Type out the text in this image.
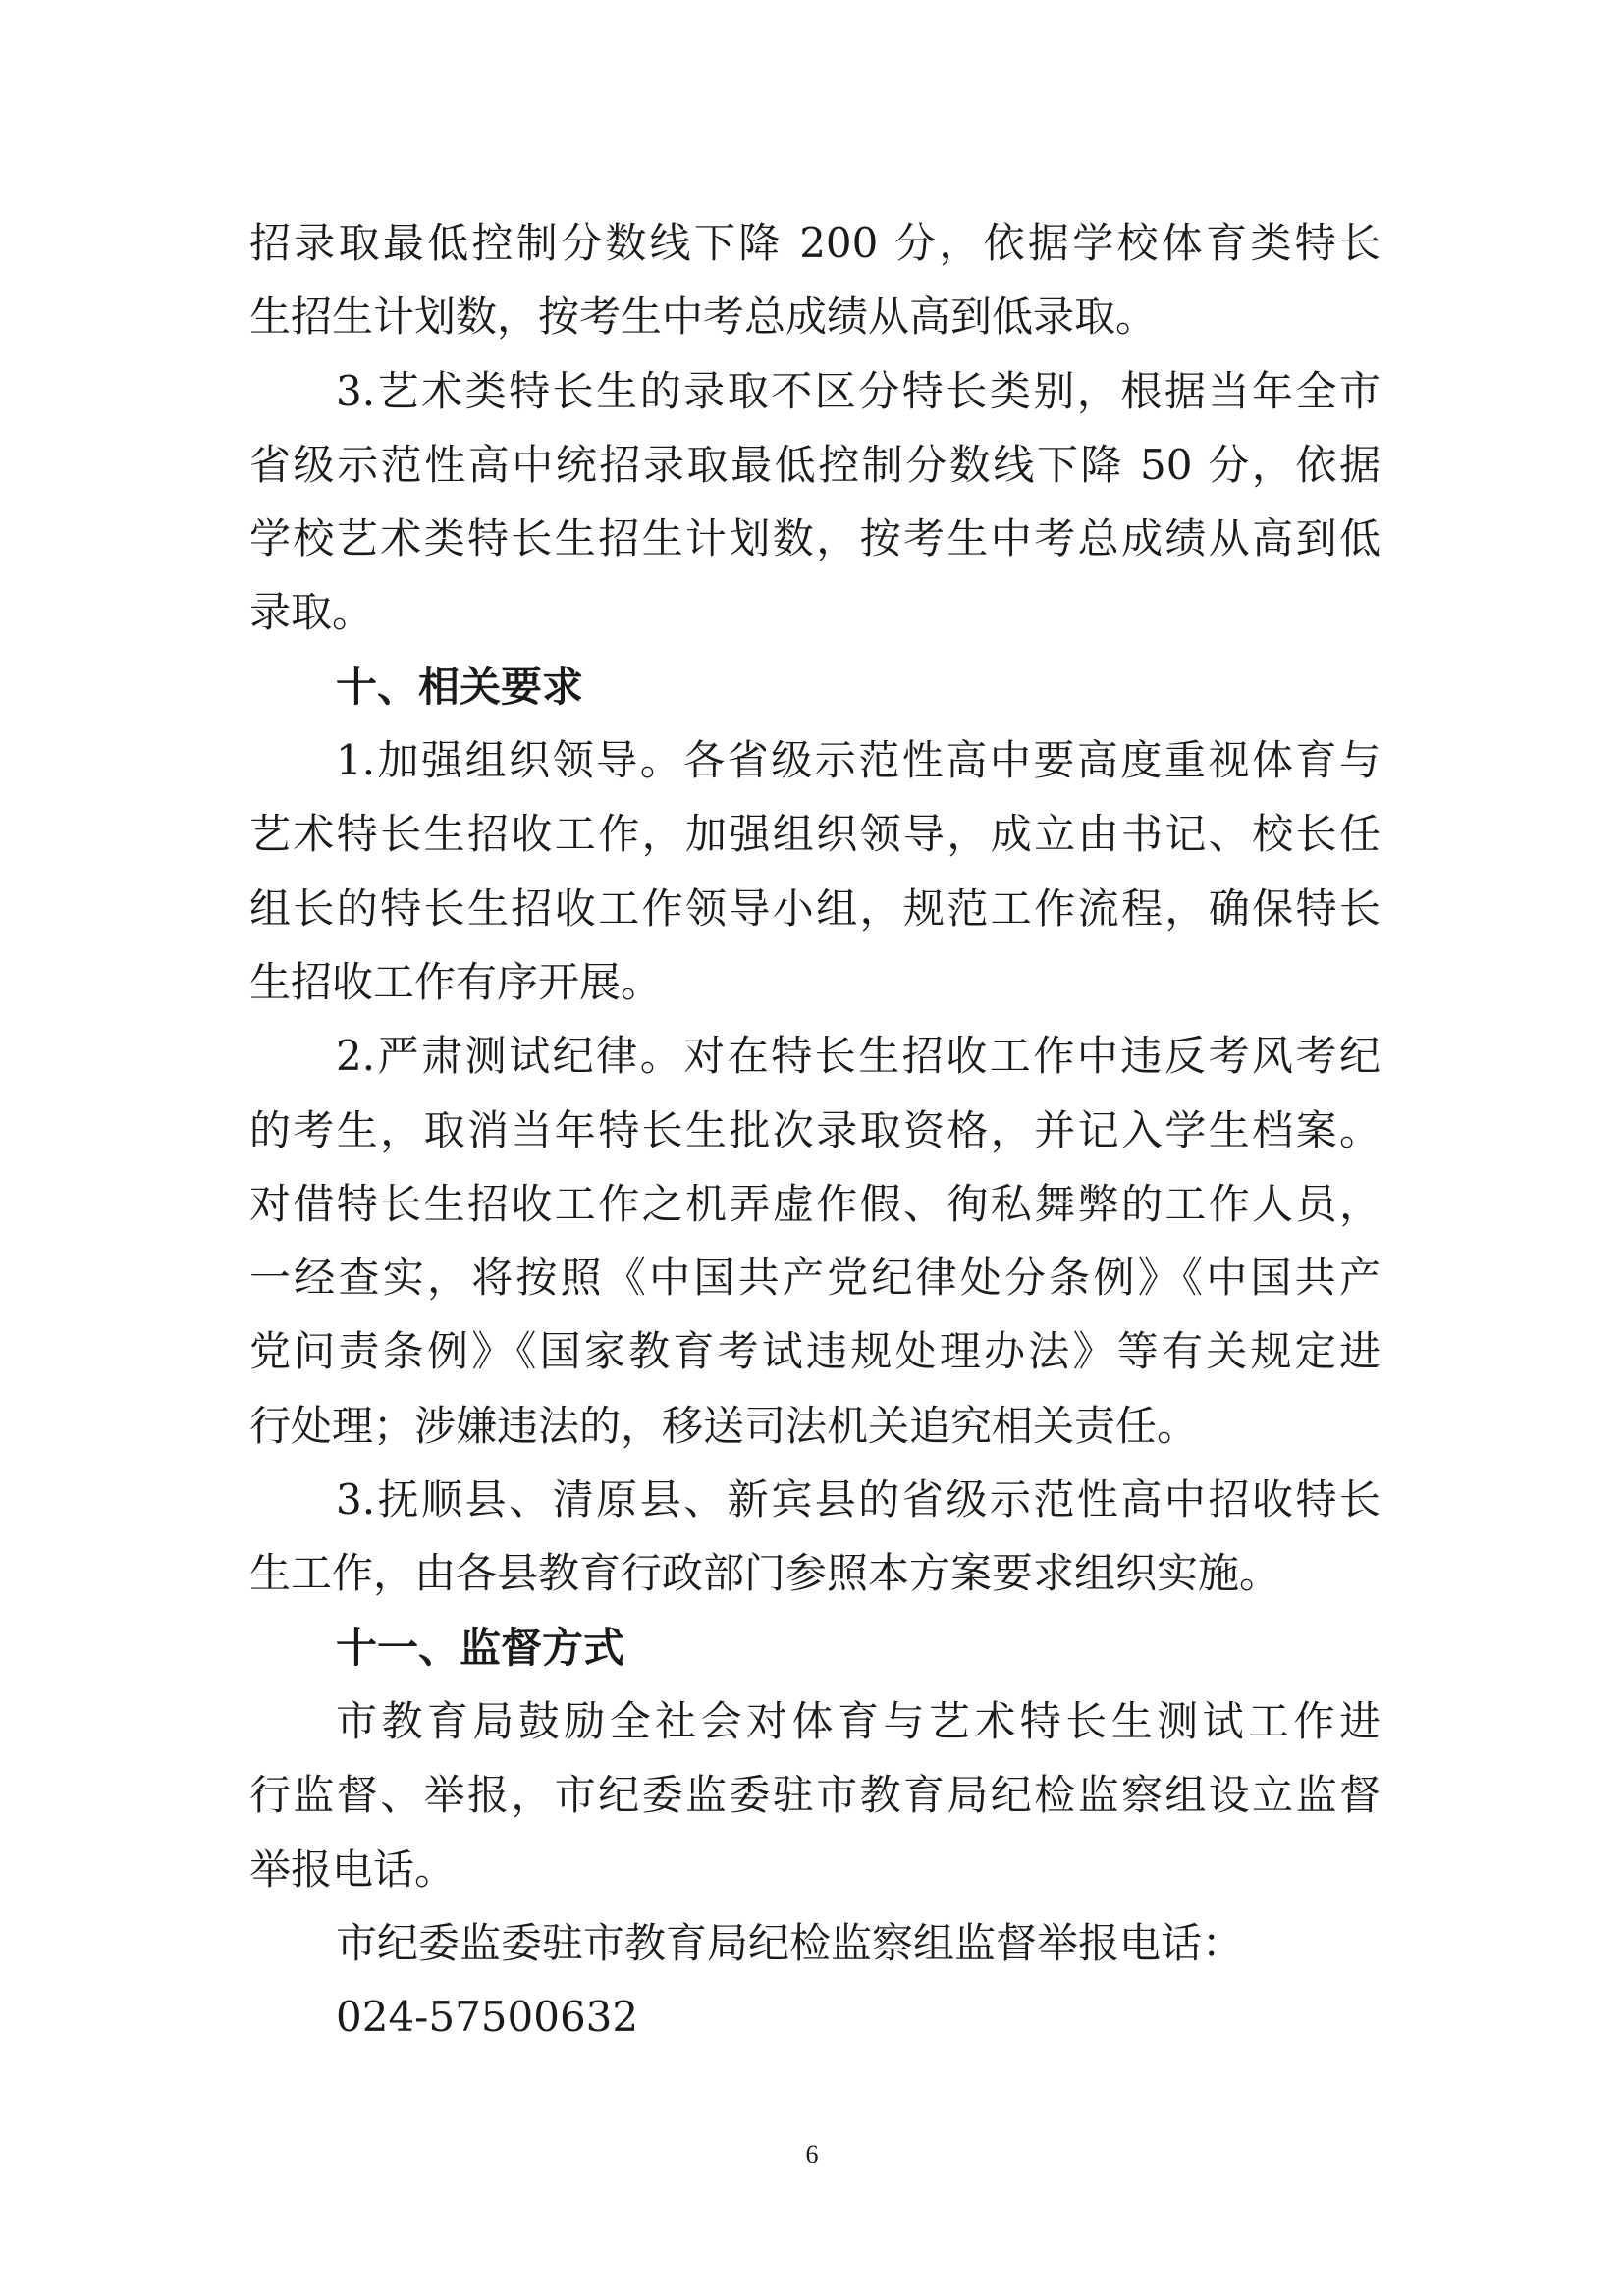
招录取最低控制分数线下降 200 分，依据学校体育类特长
生招生计划数，按考生中考总成绩从高到低录取。
3.艺术类特长生的录取不区分特长类别，根据当年全市
省级示范性高中统招录取最低控制分数线下降 50 分，依据
学校艺术类特长生招生计划数，按考生中考总成绩从高到低
录取。
十、相关要求
1.加强组织领导。各省级示范性高中要高度重视体育与
艺术特长生招收工作，加强组织领导，成立由书记、校长任
组长的特长生招收工作领导小组，规范工作流程，确保特长
生招收工作有序开展。
2.严肃测试纪律。对在特长生招收工作中违反考风考纪
的考生，取消当年特长生批次录取资格，并记入学生档案。
对借特长生招收工作之机弄虚作假、徇私舞弊的工作人员，
一经查实，将按照《中国共产党纪律处分条例》《中国共产
党问责条例》《国家教育考试违规处理办法》等有关规定进
行处理；涉嫌违法的，移送司法机关追究相关责任。
3.抚顺县、清原县、新宾县的省级示范性高中招收特长
生工作，由各县教育行政部门参照本方案要求组织实施。
十一、监督方式
市教育局鼓励全社会对体育与艺术特长生测试工作进
行监督、举报，市纪委监委驻市教育局纪检监察组设立监督
举报电话。
市纪委监委驻市教育局纪检监察组监督举报电话：
024-57500632
6
